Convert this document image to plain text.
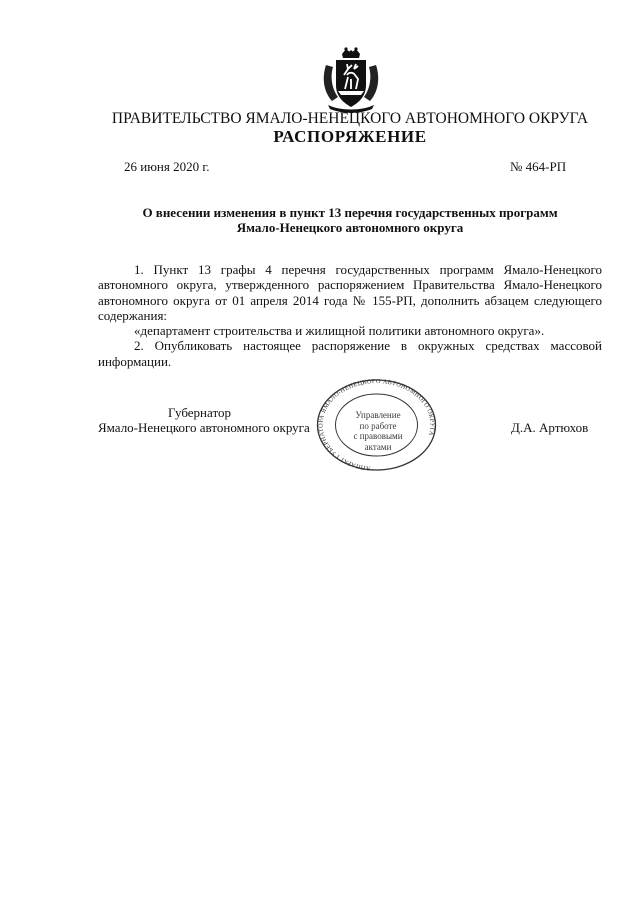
ПРАВИТЕЛЬСТВО ЯМАЛО-НЕНЕЦКОГО АВТОНОМНОГО ОКРУГА
РАСПОРЯЖЕНИЕ
26 июня 2020 г.	№ 464-РП
О внесении изменения в пункт 13 перечня государственных программ
Ямало-Ненецкого автономного округа

1. Пункт 13 графы 4 перечня государственных программ Ямало-Ненецкого автономного округа, утвержденного распоряжением Правительства Ямало-Ненецкого автономного округа от 01 апреля 2014 года № 155-РП, дополнить абзацем следующего содержания:

«департамент строительства и жилищной политики автономного округа».

2. Опубликовать настоящее распоряжение в окружных средствах массовой информации.

АППАРАТ ГУБЕРНАТОРА ЯМАЛО-НЕНЕЦКОГО АВТОНОМНОГО ОКРУГА
Управление
по работе
с правовыми
актами
Губернатор
Ямало-Ненецкого автономного округа	Д.А. Артюхов
